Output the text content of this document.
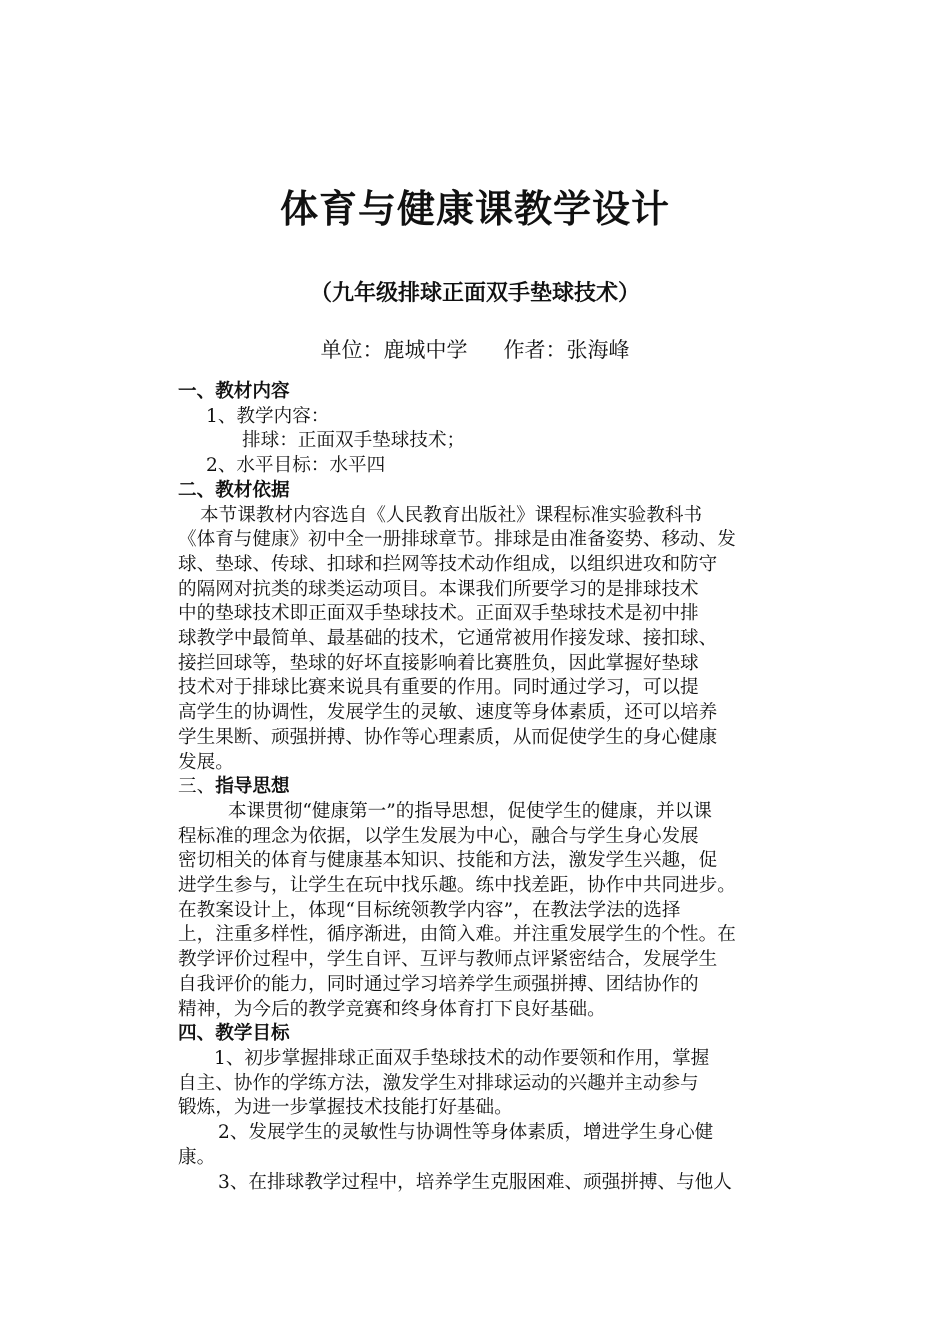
体育与健康课教学设计
（九年级排球正面双手垫球技术）
单位：鹿城中学 作者：张海峰
一、教材内容
1、教学内容：
排球：正面双手垫球技术；
2、水平目标：水平四
二、教材依据
本节课教材内容选自《人民教育出版社》课程标准实验教科书
《体育与健康》初中全一册排球章节。排球是由准备姿势、移动、发
球、垫球、传球、扣球和拦网等技术动作组成，以组织进攻和防守
的隔网对抗类的球类运动项目。本课我们所要学习的是排球技术
中的垫球技术即正面双手垫球技术。正面双手垫球技术是初中排
球教学中最简单、最基础的技术，它通常被用作接发球、接扣球、
接拦回球等，垫球的好坏直接影响着比赛胜负，因此掌握好垫球
技术对于排球比赛来说具有重要的作用。同时通过学习，可以提
高学生的协调性，发展学生的灵敏、速度等身体素质，还可以培养
学生果断、顽强拼搏、协作等心理素质，从而促使学生的身心健康
发展。
三、指导思想
本课贯彻“健康第一”的指导思想，促使学生的健康，并以课
程标准的理念为依据，以学生发展为中心，融合与学生身心发展
密切相关的体育与健康基本知识、技能和方法，激发学生兴趣，促
进学生参与，让学生在玩中找乐趣。练中找差距，协作中共同进步。
在教案设计上，体现“目标统领教学内容”，在教法学法的选择
上，注重多样性，循序渐进，由简入难。并注重发展学生的个性。在
教学评价过程中，学生自评、互评与教师点评紧密结合，发展学生
自我评价的能力，同时通过学习培养学生顽强拼搏、团结协作的
精神，为今后的教学竞赛和终身体育打下良好基础。
四、教学目标
1、初步掌握排球正面双手垫球技术的动作要领和作用，掌握
自主、协作的学练方法，激发学生对排球运动的兴趣并主动参与
锻炼，为进一步掌握技术技能打好基础。
2、发展学生的灵敏性与协调性等身体素质，增进学生身心健
康。
3、在排球教学过程中，培养学生克服困难、顽强拼搏、与他人
